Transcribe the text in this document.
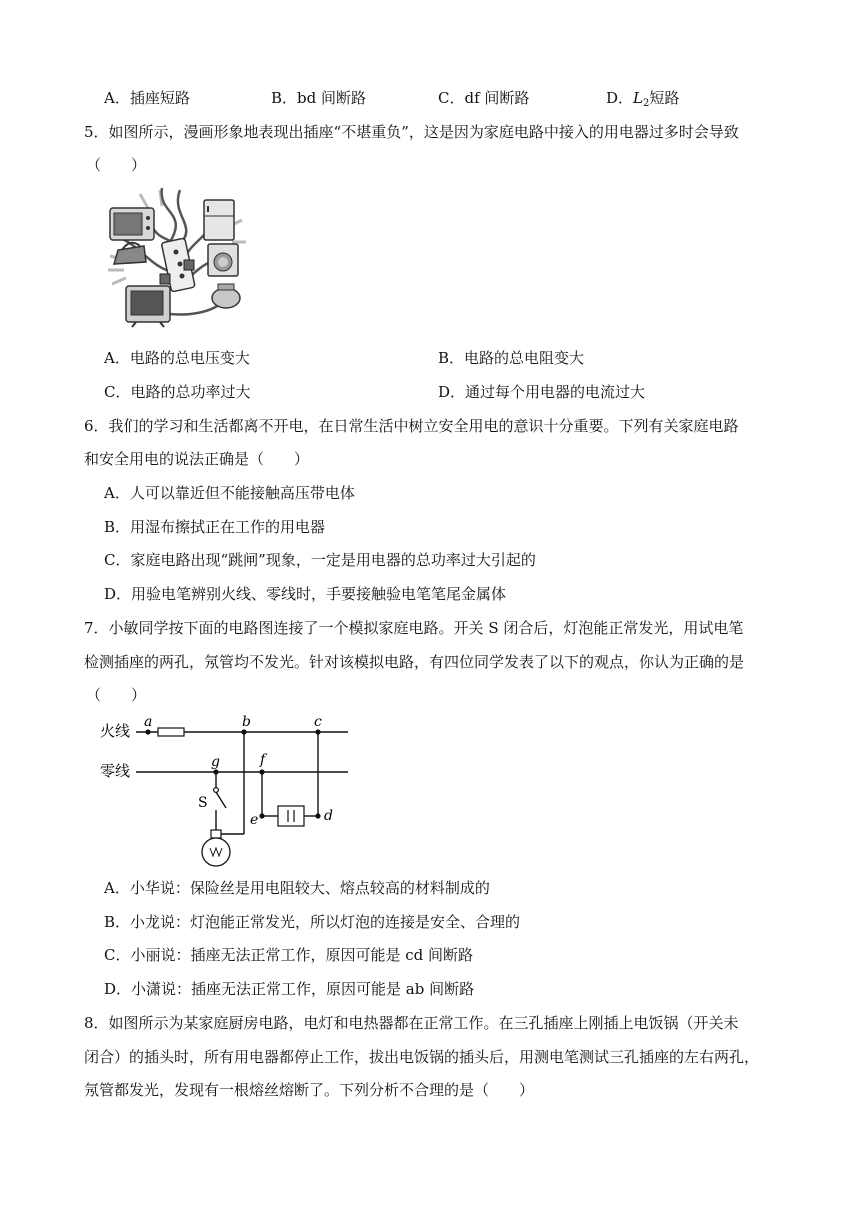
A．插座短路	B．bd 间断路	C．df 间断路	D．$L_2$短路
5．如图所示，漫画形象地表现出插座“不堪重负”，这是因为家庭电路中接入的用电器过多时会导致
（　　）
A．电路的总电压变大	B．电路的总电阻变大
C．电路的总功率过大	D．通过每个用电器的电流过大
6．我们的学习和生活都离不开电，在日常生活中树立安全用电的意识十分重要。下列有关家庭电路
和安全用电的说法正确是（　　）
A．人可以靠近但不能接触高压带电体
B．用湿布擦拭正在工作的用电器
C．家庭电路出现“跳闸”现象，一定是用电器的总功率过大引起的
D．用验电笔辨别火线、零线时，手要接触验电笔笔尾金属体
7．小敏同学按下面的电路图连接了一个模拟家庭电路。开关 S 闭合后，灯泡能正常发光，用试电笔
检测插座的两孔，氖管均不发光。针对该模拟电路，有四位同学发表了以下的观点，你认为正确的是
（　　）
火线
零线
a	b	c
g	f
e	d
S
A．小华说：保险丝是用电阻较大、熔点较高的材料制成的
B．小龙说：灯泡能正常发光，所以灯泡的连接是安全、合理的
C．小丽说：插座无法正常工作，原因可能是 cd 间断路
D．小潇说：插座无法正常工作，原因可能是 ab 间断路
8．如图所示为某家庭厨房电路，电灯和电热器都在正常工作。在三孔插座上刚插上电饭锅（开关未
闭合）的插头时，所有用电器都停止工作，拔出电饭锅的插头后，用测电笔测试三孔插座的左右两孔，
氖管都发光，发现有一根熔丝熔断了。下列分析不合理的是（　　）
